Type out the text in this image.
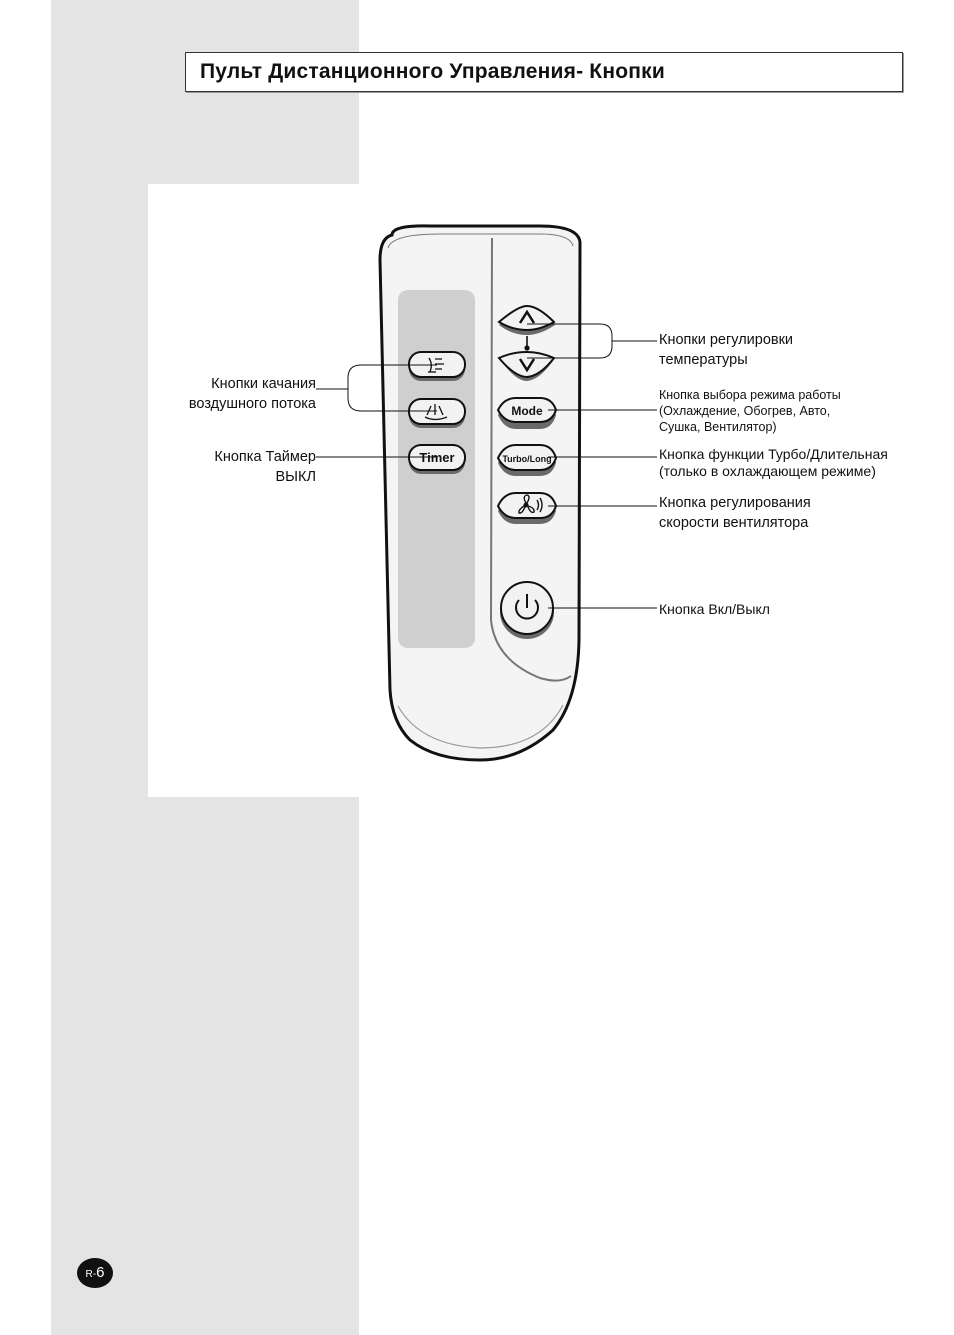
Пульт Дистанционного Управления- Кнопки
Mode
Turbo/Long
Timer
Кнопки качания
воздушного потока
Кнопка Таймер
ВЫКЛ
Кнопки регулировки
температуры
Кнопка выбора режима работы
(Охлаждение, Обогрев, Авто,
Сушка, Вентилятор)
Кнопка функции Турбо/Длительная
(только в охлаждающем режиме)
Кнопка регулирования
скорости вентилятора
Кнопка Вкл/Выкл
R-6
